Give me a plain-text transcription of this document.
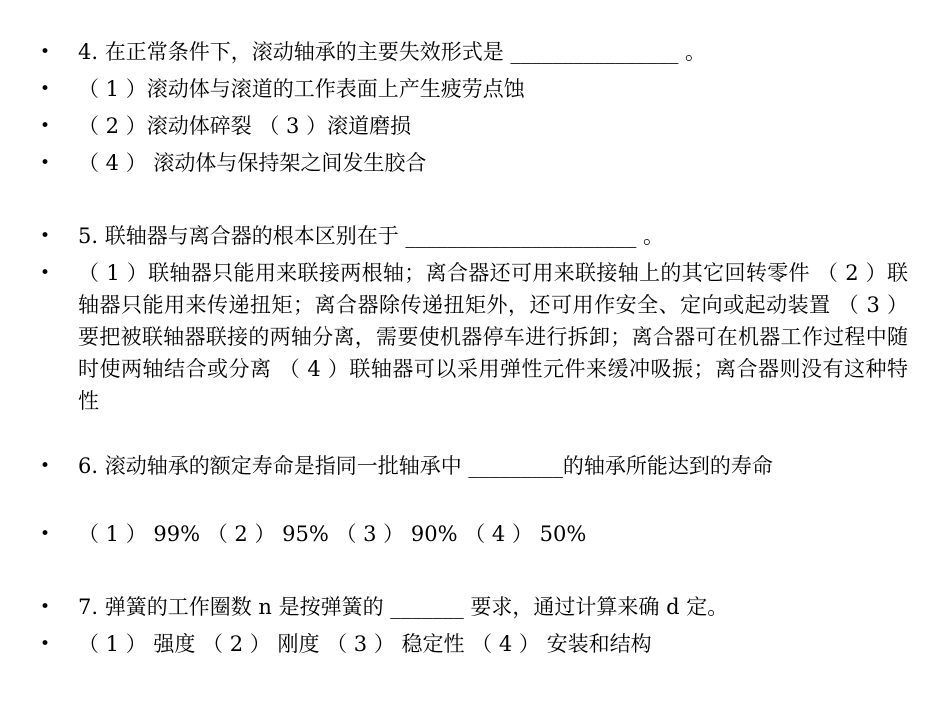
• 4. 在正常条件下，滚动轴承的主要失效形式是 ________________ 。
• （ 1 ）滚动体与滚道的工作表面上产生疲劳点蚀
• （ 2 ）滚动体碎裂 （ 3 ）滚道磨损
• （ 4 ） 滚动体与保持架之间发生胶合
• 5. 联轴器与离合器的根本区别在于 ______________________ 。
• （ 1 ）联轴器只能用来联接两根轴；离合器还可用来联接轴上的其它回转零件 （ 2 ）联轴器只能用来传递扭矩；离合器除传递扭矩外，还可用作安全、定向或起动装置 （ 3 ）要把被联轴器联接的两轴分离，需要使机器停车进行拆卸；离合器可在机器工作过程中随时使两轴结合或分离 （ 4 ）联轴器可以采用弹性元件来缓冲吸振；离合器则没有这种特性
• 6. 滚动轴承的额定寿命是指同一批轴承中 _________的轴承所能达到的寿命
• （ 1 ） 99% （ 2 ） 95% （ 3 ） 90% （ 4 ） 50%
• 7. 弹簧的工作圈数 n 是按弹簧的 _______ 要求，通过计算来确 d 定。
• （ 1 ） 强度 （ 2 ） 刚度 （ 3 ） 稳定性 （ 4 ） 安装和结构
